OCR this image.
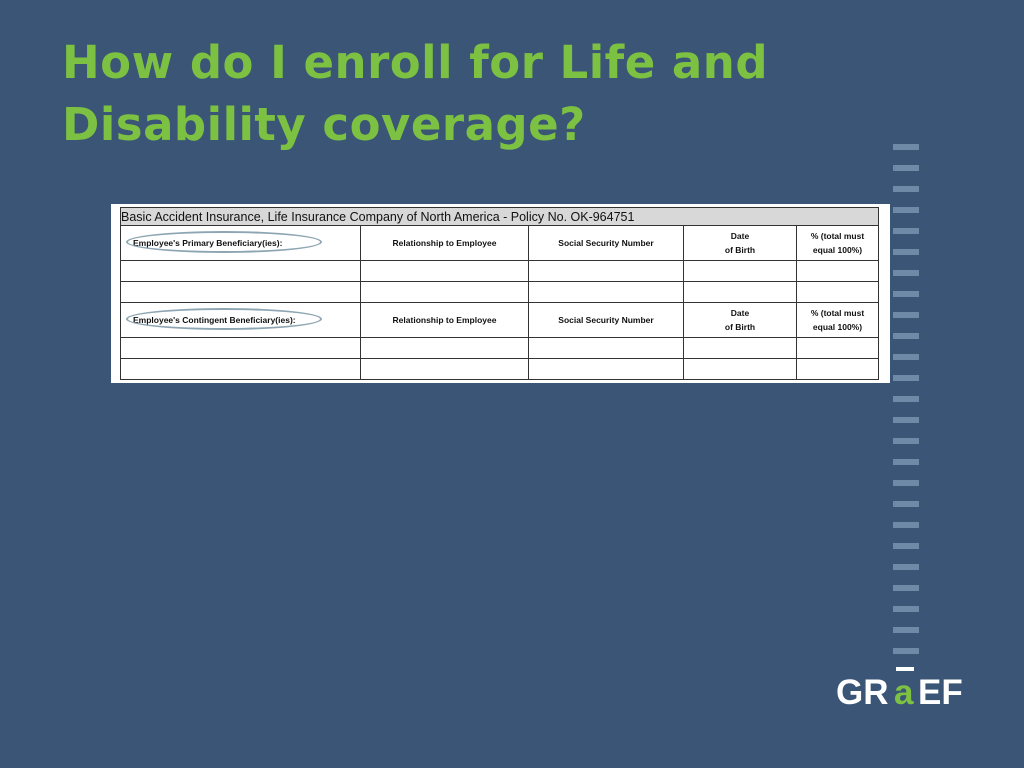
How do I enroll for Life and
Disability coverage?
Basic Accident Insurance, Life Insurance Company of North America - Policy No. OK-964751				

Employee's Primary Beneficiary(ies):	Relationship to Employee	Social Security Number	Date
of Birth	% (total must
equal 100%)

Employee's Contingent Beneficiary(ies):	Relationship to Employee	Social Security Number	Date
of Birth	% (total must
equal 100%)

GR a EF
